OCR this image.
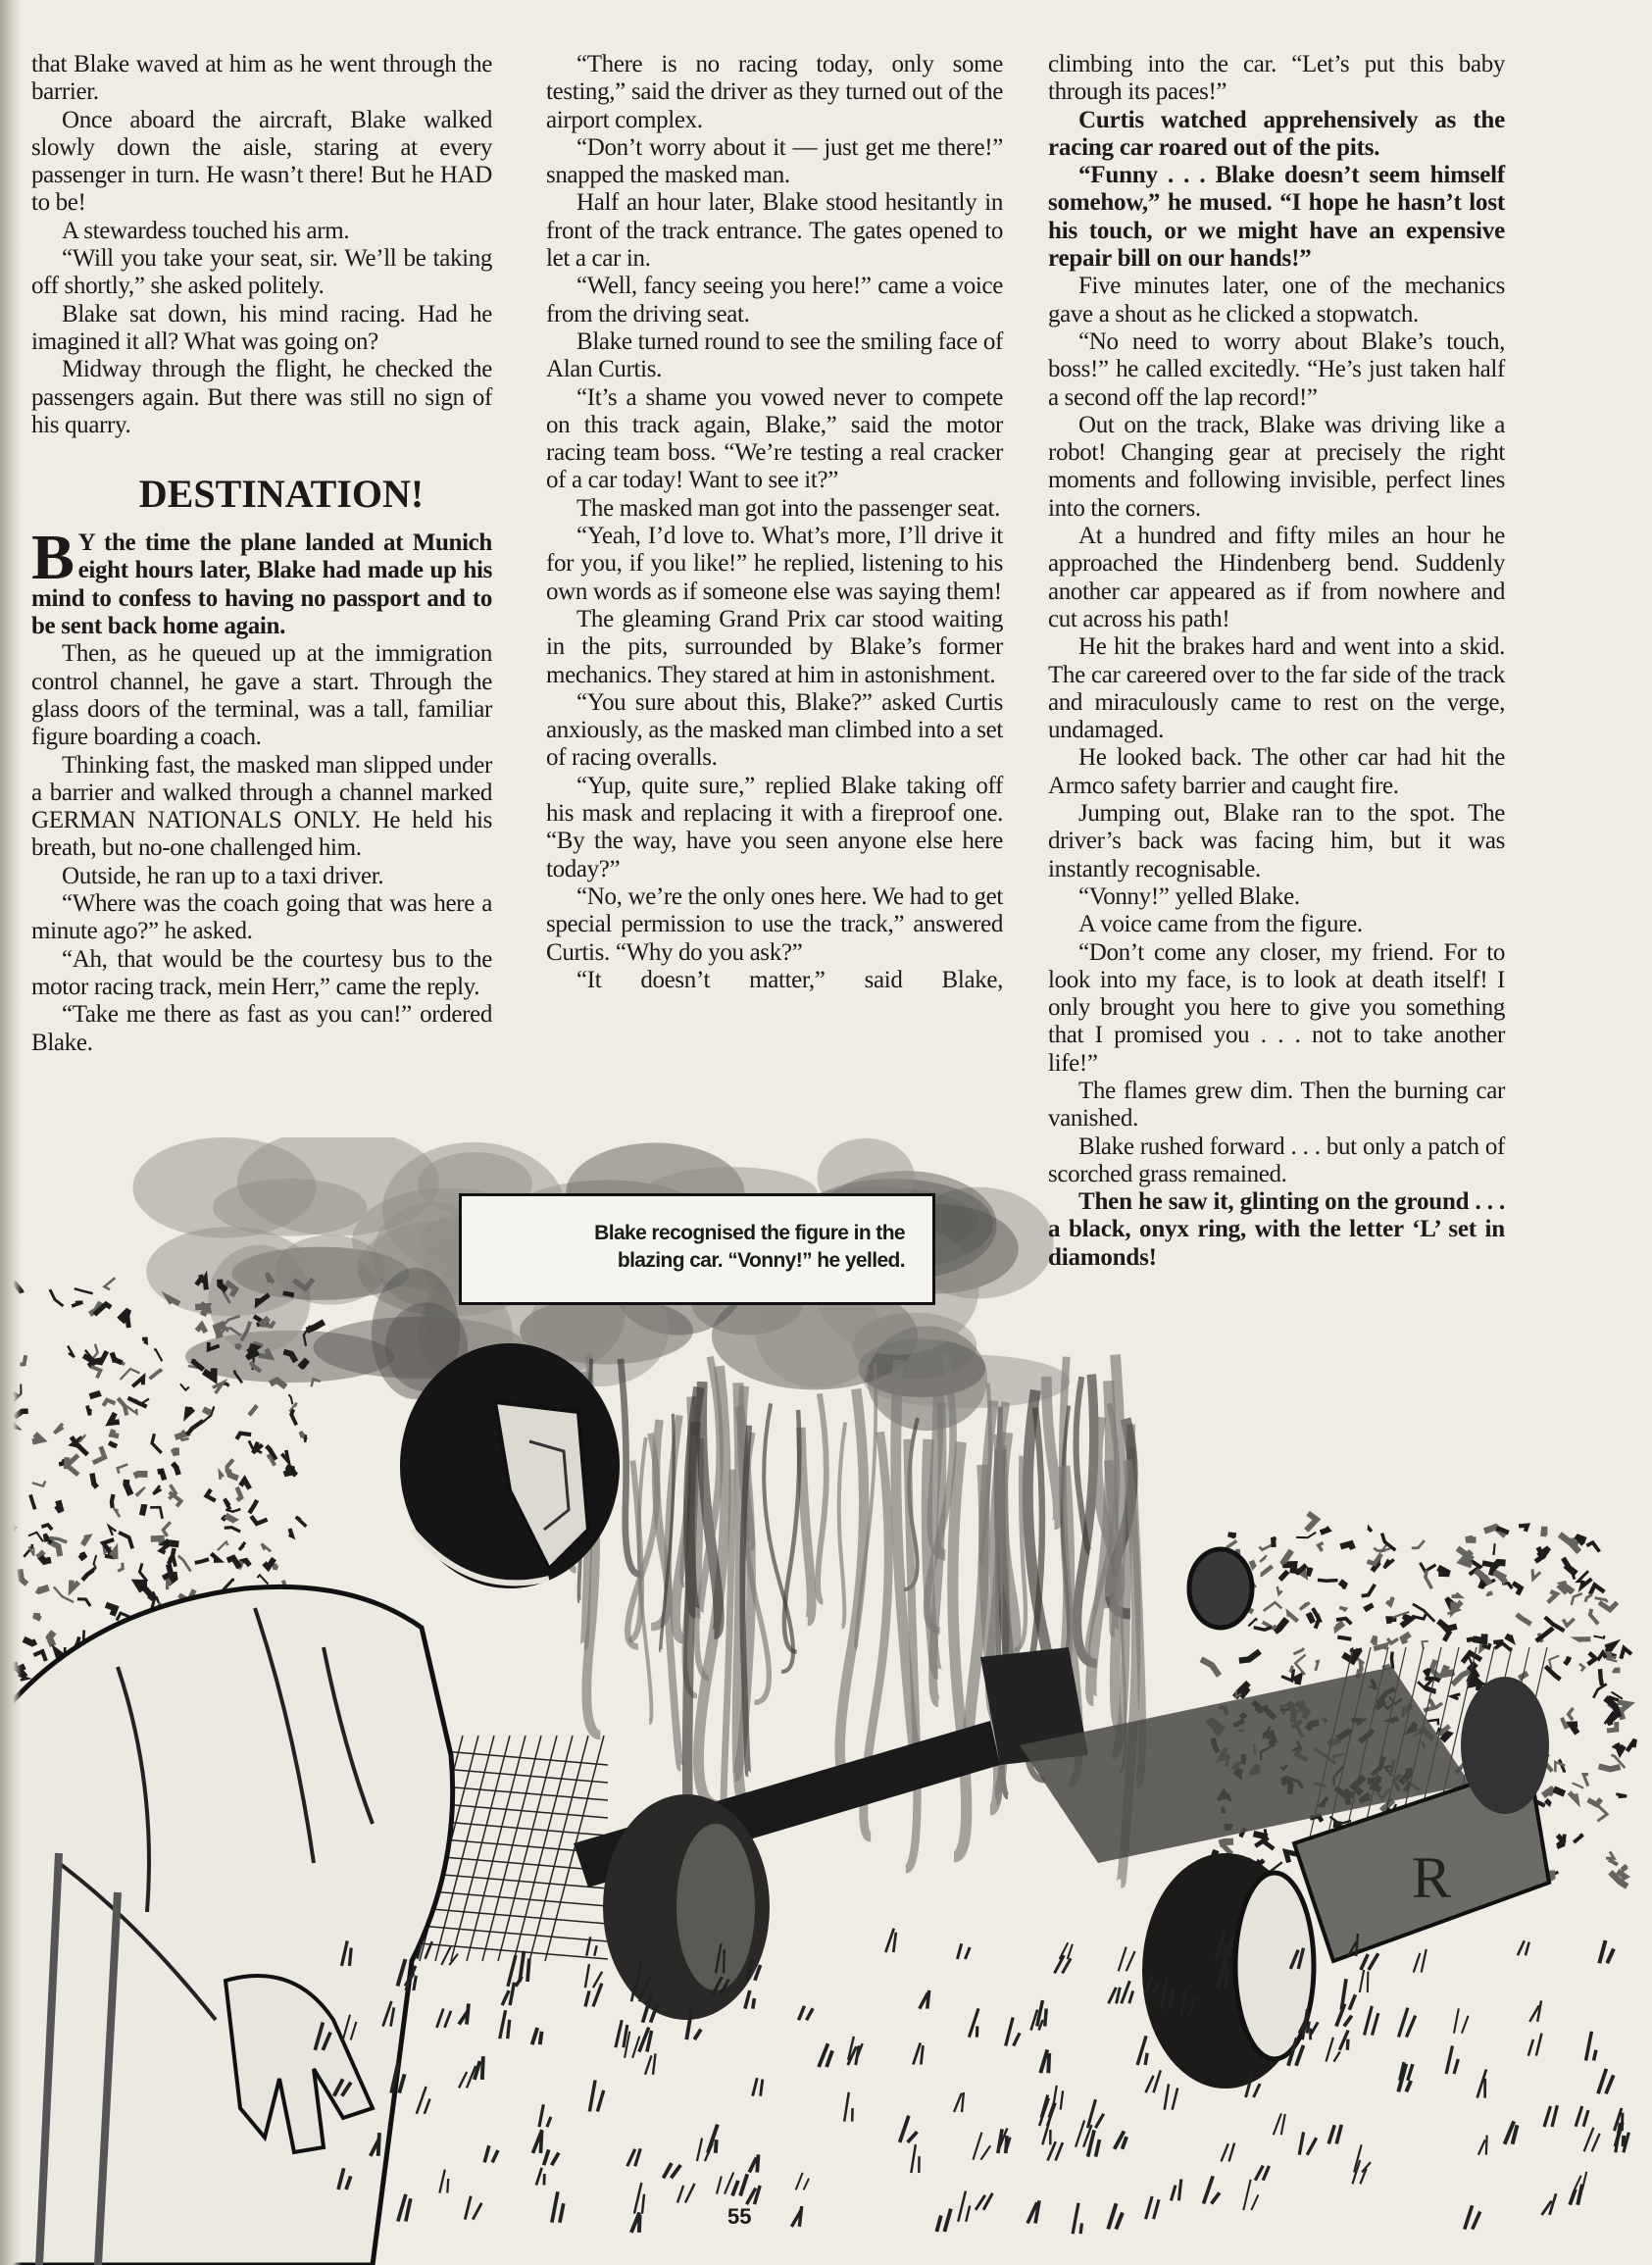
R

that Blake waved at him as he went through the barrier.

Once aboard the aircraft, Blake walked slowly down the aisle, staring at every passenger in turn. He wasn’t there! But he HAD to be!

A stewardess touched his arm.

“Will you take your seat, sir. We’ll be taking off shortly,” she asked politely.

Blake sat down, his mind racing. Had he imagined it all? What was going on?

Midway through the flight, he checked the passengers again. But there was still no sign of his quarry.

DESTINATION!

B Y the time the plane landed at Munich eight hours later, Blake had made up his mind to confess to having no passport and to be sent back home again.

Then, as he queued up at the immigration control channel, he gave a start. Through the glass doors of the terminal, was a tall, familiar figure boarding a coach.

Thinking fast, the masked man slipped under a barrier and walked through a channel marked GERMAN NATIONALS ONLY. He held his breath, but no-one challenged him.

Outside, he ran up to a taxi driver.

“Where was the coach going that was here a minute ago?” he asked.

“Ah, that would be the courtesy bus to the motor racing track, mein Herr,” came the reply.

“Take me there as fast as you can!” ordered Blake.

“There is no racing today, only some testing,” said the driver as they turned out of the airport complex.

“Don’t worry about it — just get me there!” snapped the masked man.

Half an hour later, Blake stood hesitantly in front of the track entrance. The gates opened to let a car in.

“Well, fancy seeing you here!” came a voice from the driving seat.

Blake turned round to see the smiling face of Alan Curtis.

“It’s a shame you vowed never to compete on this track again, Blake,” said the motor racing team boss. “We’re testing a real cracker of a car today! Want to see it?”

The masked man got into the passenger seat.

“Yeah, I’d love to. What’s more, I’ll drive it for you, if you like!” he replied, listening to his own words as if someone else was saying them!

The gleaming Grand Prix car stood waiting in the pits, surrounded by Blake’s former mechanics. They stared at him in astonishment.

“You sure about this, Blake?” asked Curtis anxiously, as the masked man climbed into a set of racing overalls.

“Yup, quite sure,” replied Blake taking off his mask and replacing it with a fireproof one. “By the way, have you seen anyone else here today?”

“No, we’re the only ones here. We had to get special permission to use the track,” answered Curtis. “Why do you ask?”

“It doesn’t matter,” said Blake,

climbing into the car. “Let’s put this baby through its paces!”

Curtis watched apprehensively as the racing car roared out of the pits.

“Funny . . . Blake doesn’t seem himself somehow,” he mused. “I hope he hasn’t lost his touch, or we might have an expensive repair bill on our hands!”

Five minutes later, one of the mechanics gave a shout as he clicked a stopwatch.

“No need to worry about Blake’s touch, boss!” he called excitedly. “He’s just taken half a second off the lap record!”

Out on the track, Blake was driving like a robot! Changing gear at precisely the right moments and following invisible, perfect lines into the corners.

At a hundred and fifty miles an hour he approached the Hindenberg bend. Suddenly another car appeared as if from nowhere and cut across his path!

He hit the brakes hard and went into a skid. The car careered over to the far side of the track and miraculously came to rest on the verge, undamaged.

He looked back. The other car had hit the Armco safety barrier and caught fire.

Jumping out, Blake ran to the spot. The driver’s back was facing him, but it was instantly recognisable.

“Vonny!” yelled Blake.

A voice came from the figure.

“Don’t come any closer, my friend. For to look into my face, is to look at death itself! I only brought you here to give you something that I promised you . . . not to take another life!”

The flames grew dim. Then the burning car vanished.

Blake rushed forward . . . but only a patch of scorched grass remained.

Then he saw it, glinting on the ground . . . a black, onyx ring, with the letter ‘L’ set in diamonds!

Blake recognised the figure in the
blazing car. “Vonny!” he yelled.
55
